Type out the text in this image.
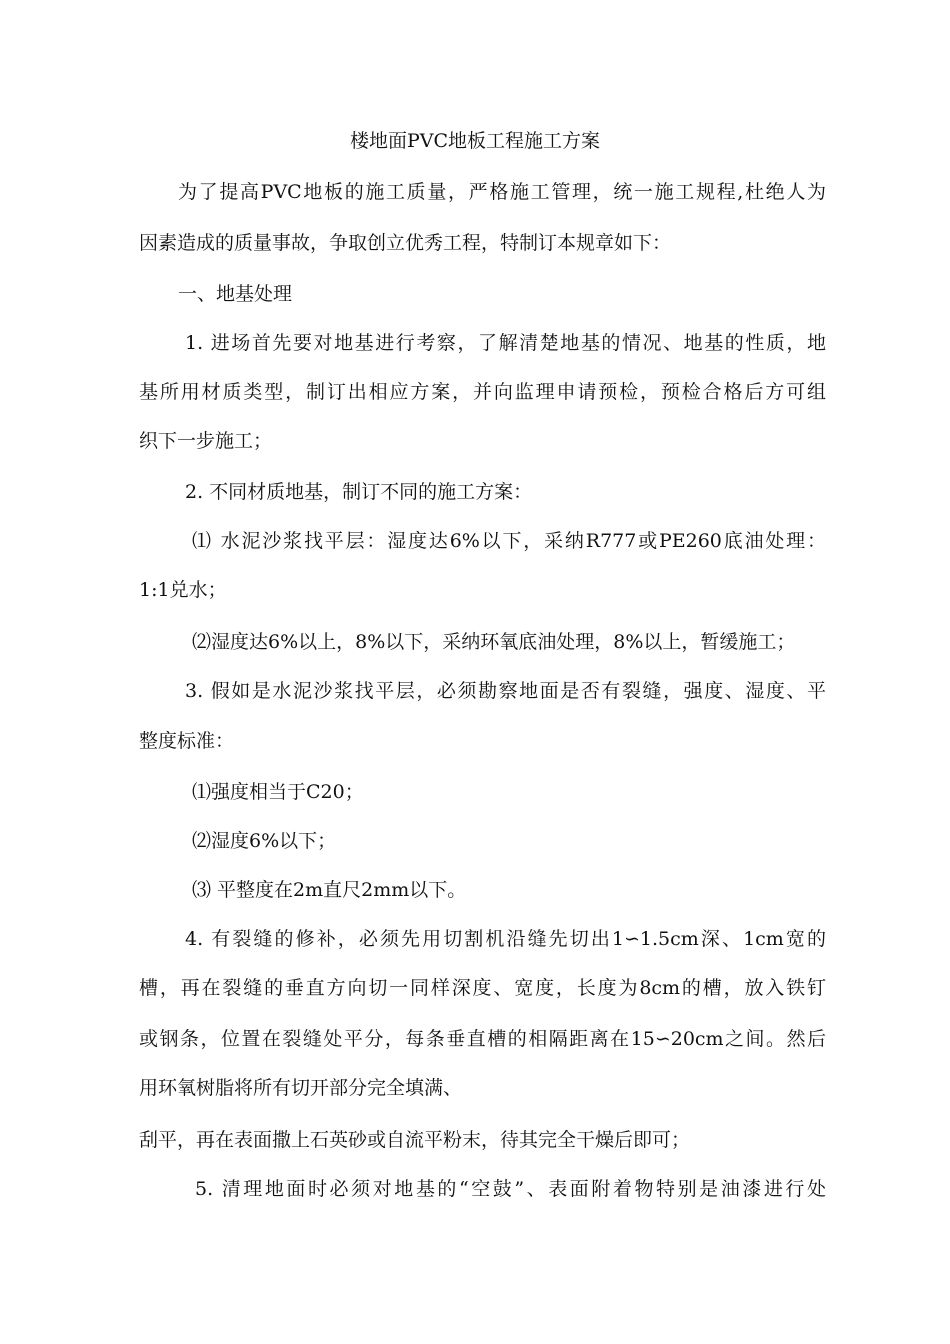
楼地面PVC地板工程施工方案
为了提高PVC地板的施工质量，严格施工管理，统一施工规程,杜绝人为
因素造成的质量事故，争取创立优秀工程，特制订本规章如下：
一、地基处理
1. 进场首先要对地基进行考察，了解清楚地基的情况、地基的性质，地
基所用材质类型，制订出相应方案，并向监理申请预检，预检合格后方可组
织下一步施工；
2. 不同材质地基，制订不同的施工方案：
⑴ 水泥沙浆找平层：湿度达6%以下，采纳R777或PE260底油处理：
1:1兑水；
⑵湿度达6%以上，8%以下，采纳环氧底油处理，8%以上，暂缓施工；
3. 假如是水泥沙浆找平层，必须勘察地面是否有裂缝，强度、湿度、平
整度标准：
⑴强度相当于C20；
⑵湿度6%以下；
⑶ 平整度在2m直尺2mm以下。
4. 有裂缝的修补，必须先用切割机沿缝先切出1∽1.5cm深、1cm宽的
槽，再在裂缝的垂直方向切一同样深度、宽度，长度为8cm的槽，放入铁钉
或钢条，位置在裂缝处平分，每条垂直槽的相隔距离在15∽20cm之间。然后
用环氧树脂将所有切开部分完全填满、
刮平，再在表面撒上石英砂或自流平粉末，待其完全干燥后即可；
5. 清理地面时必须对地基的“空鼓”、表面附着物特别是油漆进行处
